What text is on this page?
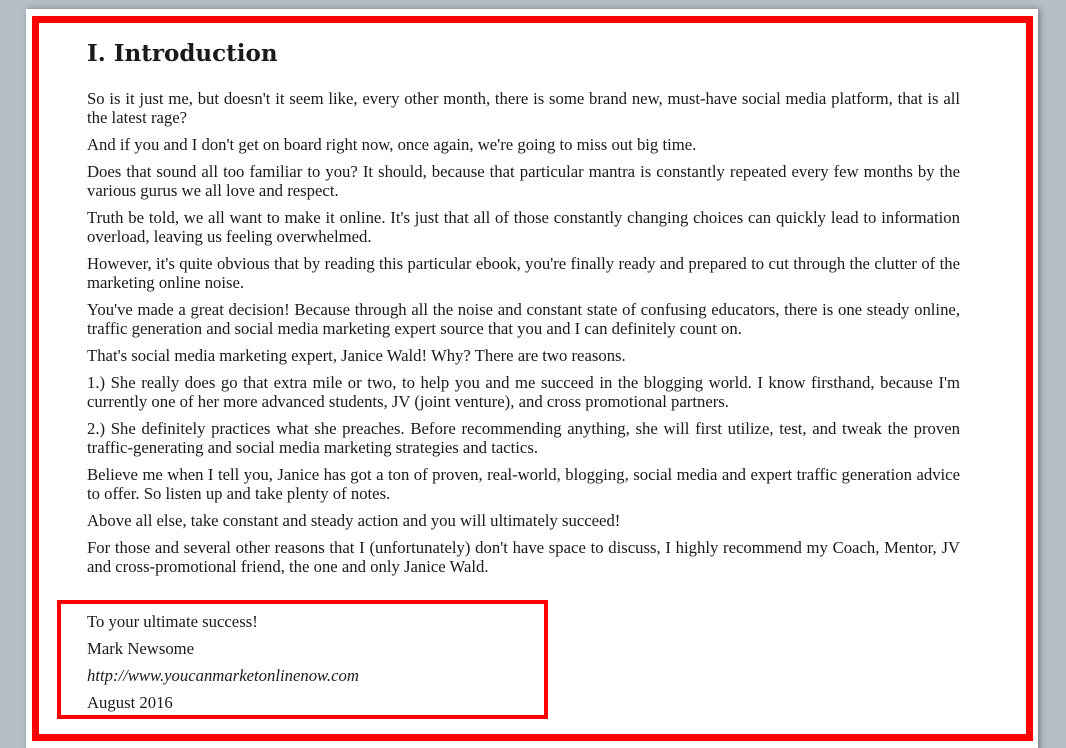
I. Introduction

So is it just me, but doesn't it seem like, every other month, there is some brand new, must-have social media platform, that is all the latest rage?

And if you and I don't get on board right now, once again, we're going to miss out big time.

Does that sound all too familiar to you? It should, because that particular mantra is constantly repeated every few months by the various gurus we all love and respect.

Truth be told, we all want to make it online. It's just that all of those constantly changing choices can quickly lead to information overload, leaving us feeling overwhelmed.

However, it's quite obvious that by reading this particular ebook, you're finally ready and prepared to cut through the clutter of the marketing online noise.

You've made a great decision! Because through all the noise and constant state of confusing educators, there is one steady online, traffic generation and social media marketing expert source that you and I can definitely count on.

That's social media marketing expert, Janice Wald! Why? There are two reasons.

1.) She really does go that extra mile or two, to help you and me succeed in the blogging world. I know firsthand, because I'm currently one of her more advanced students, JV (joint venture), and cross promotional partners.

2.) She definitely practices what she preaches. Before recommending anything, she will first utilize, test, and tweak the proven traffic-generating and social media marketing strategies and tactics.

Believe me when I tell you, Janice has got a ton of proven, real-world, blogging, social media and expert traffic generation advice to offer. So listen up and take plenty of notes.

Above all else, take constant and steady action and you will ultimately succeed!

For those and several other reasons that I (unfortunately) don't have space to discuss, I highly recommend my Coach, Mentor, JV and cross-promotional friend, the one and only Janice Wald.

To your ultimate success!
Mark Newsome
http://www.youcanmarketonlinenow.com
August 2016
